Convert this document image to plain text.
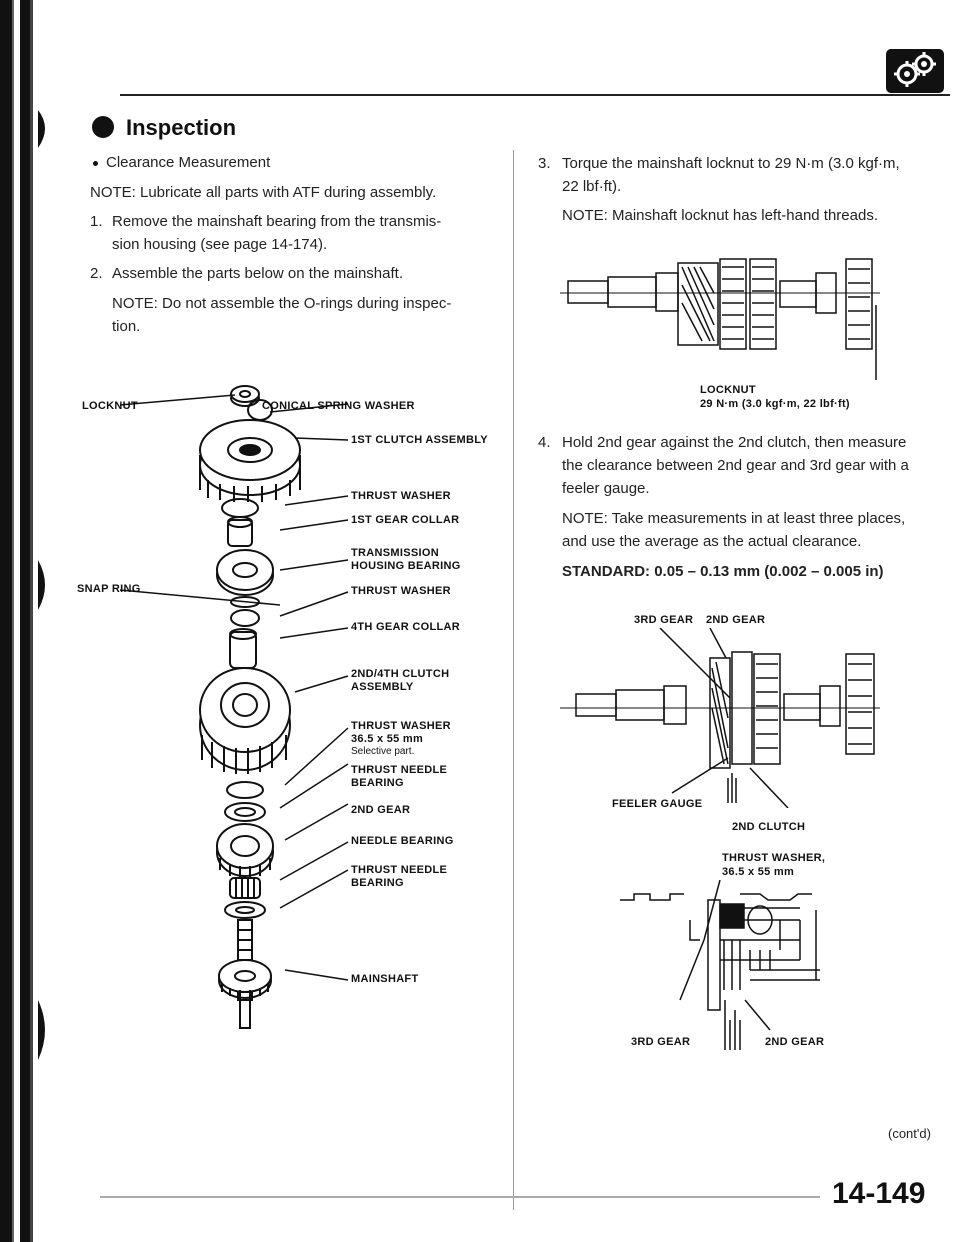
Inspection
Clearance Measurement
NOTE: Lubricate all parts with ATF during assembly.
1. Remove the mainshaft bearing from the transmis-
sion housing (see page 14-174).
2. Assemble the parts below on the mainshaft.
NOTE: Do not assemble the O-rings during inspec-
tion.
LOCKNUT	CONICAL SPRING WASHER
1ST CLUTCH ASSEMBLY
THRUST WASHER
1ST GEAR COLLAR
TRANSMISSION
HOUSING BEARING
SNAP RING	THRUST WASHER
4TH GEAR COLLAR
2ND/4TH CLUTCH
ASSEMBLY
THRUST WASHER
36.5 x 55 mm
Selective part.
THRUST NEEDLE
BEARING
2ND GEAR
NEEDLE BEARING
THRUST NEEDLE
BEARING
MAINSHAFT
3. Torque the mainshaft locknut to 29 N·m (3.0 kgf·m,
22 lbf·ft).
NOTE: Mainshaft locknut has left-hand threads.
LOCKNUT
29 N·m (3.0 kgf·m, 22 lbf·ft)
4. Hold 2nd gear against the 2nd clutch, then measure
the clearance between 2nd gear and 3rd gear with a
feeler gauge.
NOTE: Take measurements in at least three places,
and use the average as the actual clearance.
STANDARD: 0.05 – 0.13 mm (0.002 – 0.005 in)
3RD GEAR 2ND GEAR
FEELER GAUGE
2ND CLUTCH
THRUST WASHER,
36.5 x 55 mm
3RD GEAR	2ND GEAR
(cont'd)
14-149
